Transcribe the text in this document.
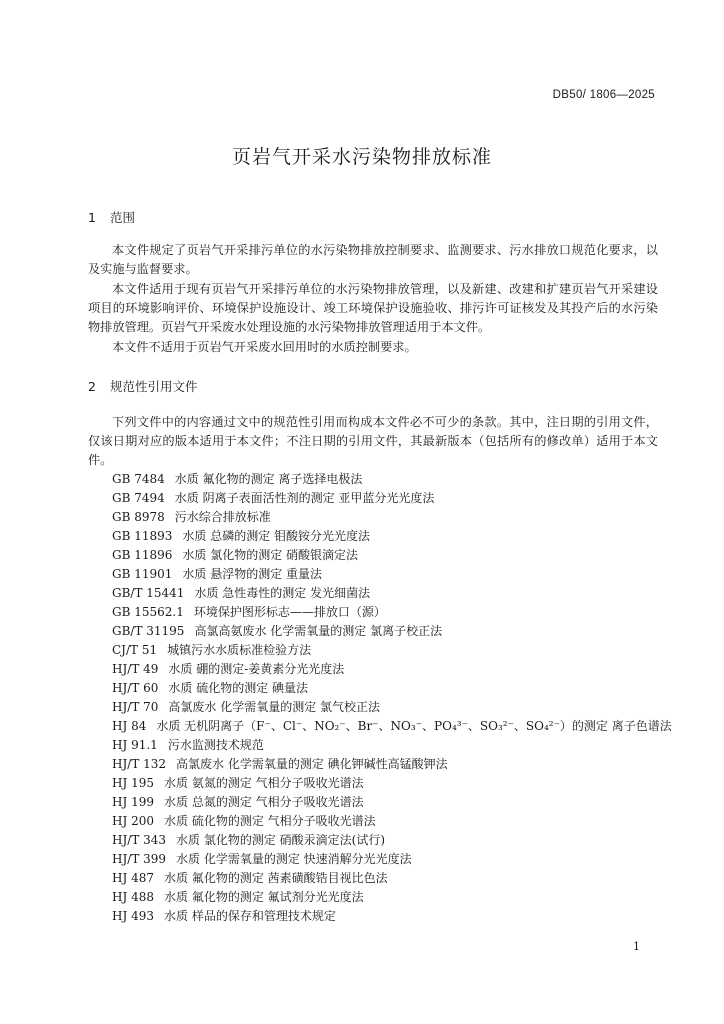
DB50/ 1806—2025
页岩气开采水污染物排放标准
1 范围
本文件规定了页岩气开采排污单位的水污染物排放控制要求、监测要求、污水排放口规范化要求，以及实施与监督要求。
本文件适用于现有页岩气开采排污单位的水污染物排放管理，以及新建、改建和扩建页岩气开采建设项目的环境影响评价、环境保护设施设计、竣工环境保护设施验收、排污许可证核发及其投产后的水污染物排放管理。页岩气开采废水处理设施的水污染物排放管理适用于本文件。
本文件不适用于页岩气开采废水回用时的水质控制要求。
2 规范性引用文件
下列文件中的内容通过文中的规范性引用而构成本文件必不可少的条款。其中，注日期的引用文件，仅该日期对应的版本适用于本文件；不注日期的引用文件，其最新版本（包括所有的修改单）适用于本文件。
GB 7484 水质 氟化物的测定 离子选择电极法
GB 7494 水质 阴离子表面活性剂的测定 亚甲蓝分光光度法
GB 8978 污水综合排放标准
GB 11893 水质 总磷的测定 钼酸铵分光光度法
GB 11896 水质 氯化物的测定 硝酸银滴定法
GB 11901 水质 悬浮物的测定 重量法
GB/T 15441 水质 急性毒性的测定 发光细菌法
GB 15562.1 环境保护图形标志——排放口（源）
GB/T 31195 高氯高氨废水 化学需氧量的测定 氯离子校正法
CJ/T 51 城镇污水水质标准检验方法
HJ/T 49 水质 硼的测定-姜黄素分光光度法
HJ/T 60 水质 硫化物的测定 碘量法
HJ/T 70 高氯废水 化学需氧量的测定 氯气校正法
HJ 84 水质 无机阴离子（F⁻、Cl⁻、NO₂⁻、Br⁻、NO₃⁻、PO₄³⁻、SO₃²⁻、SO₄²⁻）的测定 离子色谱法
HJ 91.1 污水监测技术规范
HJ/T 132 高氯废水 化学需氧量的测定 碘化钾碱性高锰酸钾法
HJ 195 水质 氨氮的测定 气相分子吸收光谱法
HJ 199 水质 总氮的测定 气相分子吸收光谱法
HJ 200 水质 硫化物的测定 气相分子吸收光谱法
HJ/T 343 水质 氯化物的测定 硝酸汞滴定法(试行)
HJ/T 399 水质 化学需氧量的测定 快速消解分光光度法
HJ 487 水质 氟化物的测定 茜素磺酸锆目视比色法
HJ 488 水质 氟化物的测定 氟试剂分光光度法
HJ 493 水质 样品的保存和管理技术规定
1
